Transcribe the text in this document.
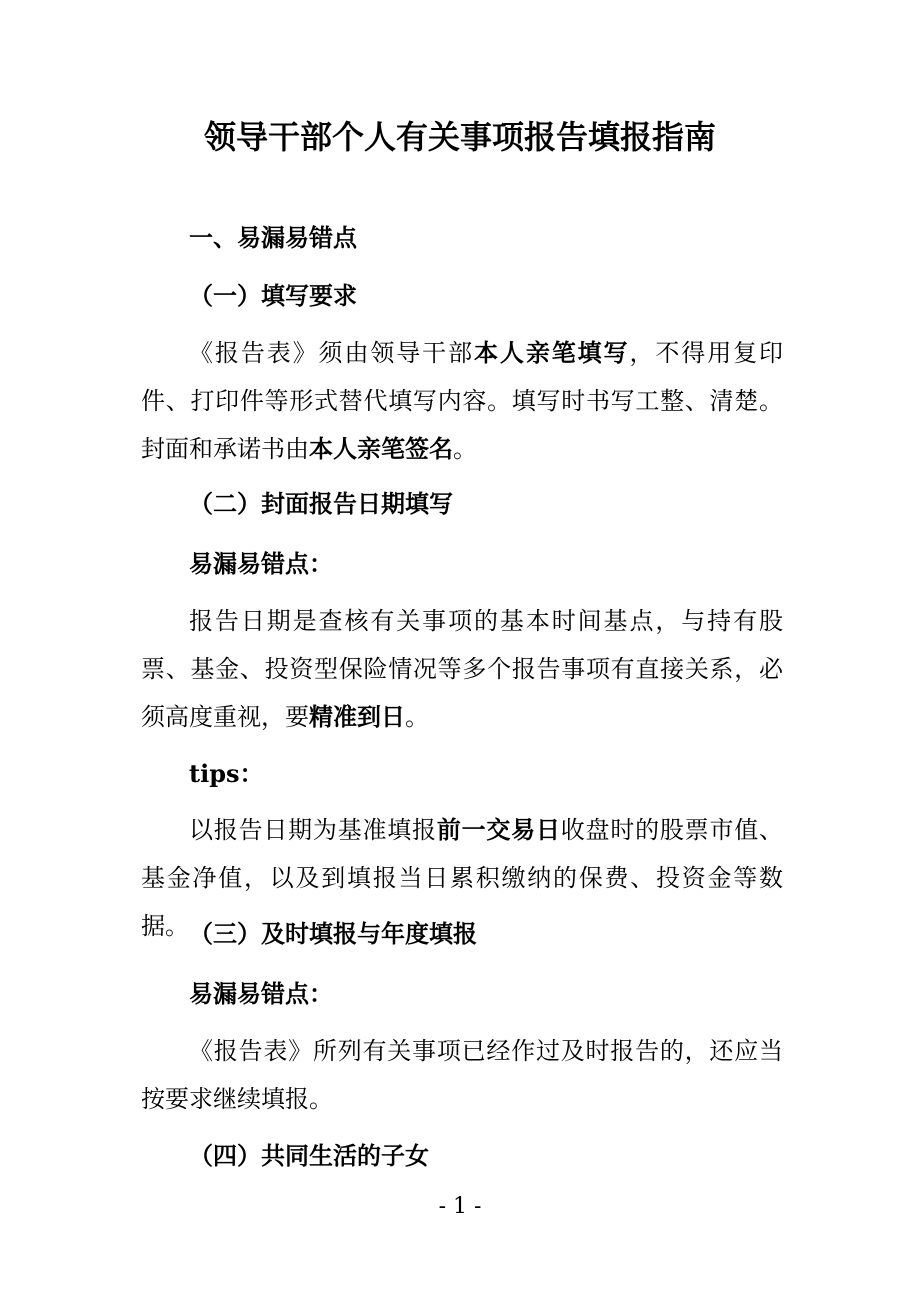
领导干部个人有关事项报告填报指南
一、易漏易错点
（一）填写要求

《报告表》须由领导干部本人亲笔填写，不得用复印件、打印件等形式替代填写内容。填写时书写工整、清楚。封面和承诺书由本人亲笔签名。

（二）封面报告日期填写
易漏易错点：

报告日期是查核有关事项的基本时间基点，与持有股票、基金、投资型保险情况等多个报告事项有直接关系，必须高度重视，要精准到日。

tips：

以报告日期为基准填报前一交易日收盘时的股票市值、基金净值，以及到填报当日累积缴纳的保费、投资金等数据。 （三）及时填报与年度填报
易漏易错点：

《报告表》所列有关事项已经作过及时报告的，还应当按要求继续填报。

（四）共同生活的子女
- 1 -
